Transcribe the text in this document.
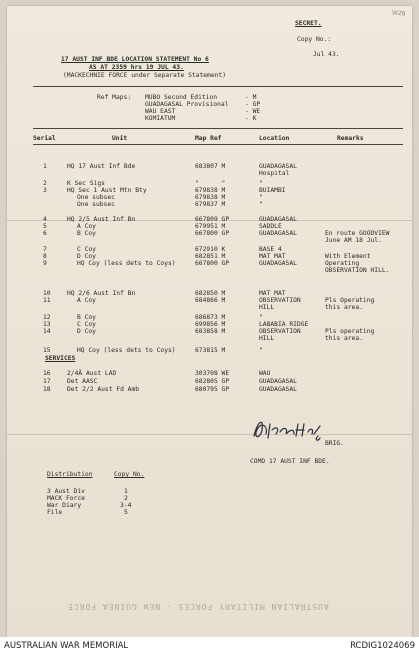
W26
SECRET.
Copy No.:
Jul 43.
17 AUST INF BDE LOCATION STATEMENT No 6
AS AT 2359 hrs 19 JUL 43.
(MACKECHNIE FORCE under Separate Statement)
Ref Maps: MUBO Second Edition	- M
GUADAGASAL Provisional	- GP
WAU EAST	- WE
KOMIATUM	- K
Serial	Unit	Map Ref	Location	Remarks
1	HQ 17 Aust Inf Bde	683807 M	GUADAGASAL
Hospital
2	K Sec Sigs	"      "	"
3	HQ Sec 1 Aust Mtn Bty	679838 M	BUIAMBI
One subsec	679838 M	"
One subsec	679837 M	"
4	HQ 2/5 Aust Inf Bn	667809 GP	GUADAGASAL
5	A Coy	679951 M	SADDLE
6	B Coy	667800 GP	GUADAGASAL	En route GOODVIEW
June AM 18 Jul.
7	C Coy	672910 K	BASE 4
8	D Coy	682851 M	MAT MAT	With Element
9	HQ Coy (less dets to Coys)	667800 GP	GUADAGASAL	Operating
OBSERVATION HILL.
10	HQ 2/6 Aust Inf Bn	682850 M	MAT MAT
11	A Coy	684866 M	OBSERVATION	Pls Operating
HILL	this area.
12	B Coy	686873 M	"
13	C Coy	699856 M	LABABIA RIDGE
14	D Coy	683858 M	OBSERVATION	Pls operating
HILL	this area.
15	HQ Coy (less dets to Coys)	673815 M	"
SERVICES
16	2/4Â Aust LAD	303708 WE	WAU
17	Det AASC	682805 GP	GUADAGASAL
18	Det 2/2 Aust Fd Amb	680795 GP	GUADAGASAL
BRIG.
COMD 17 AUST INF BDE.
Distribution	Copy No.
3 Aust Div	1
MACK Force	2
War Diary	3-4
File	5
AUSTRALIAN MILITARY FORCES - NEW GUINEA FORCE
AUSTRALIAN WAR MEMORIAL	RCDIG1024069
